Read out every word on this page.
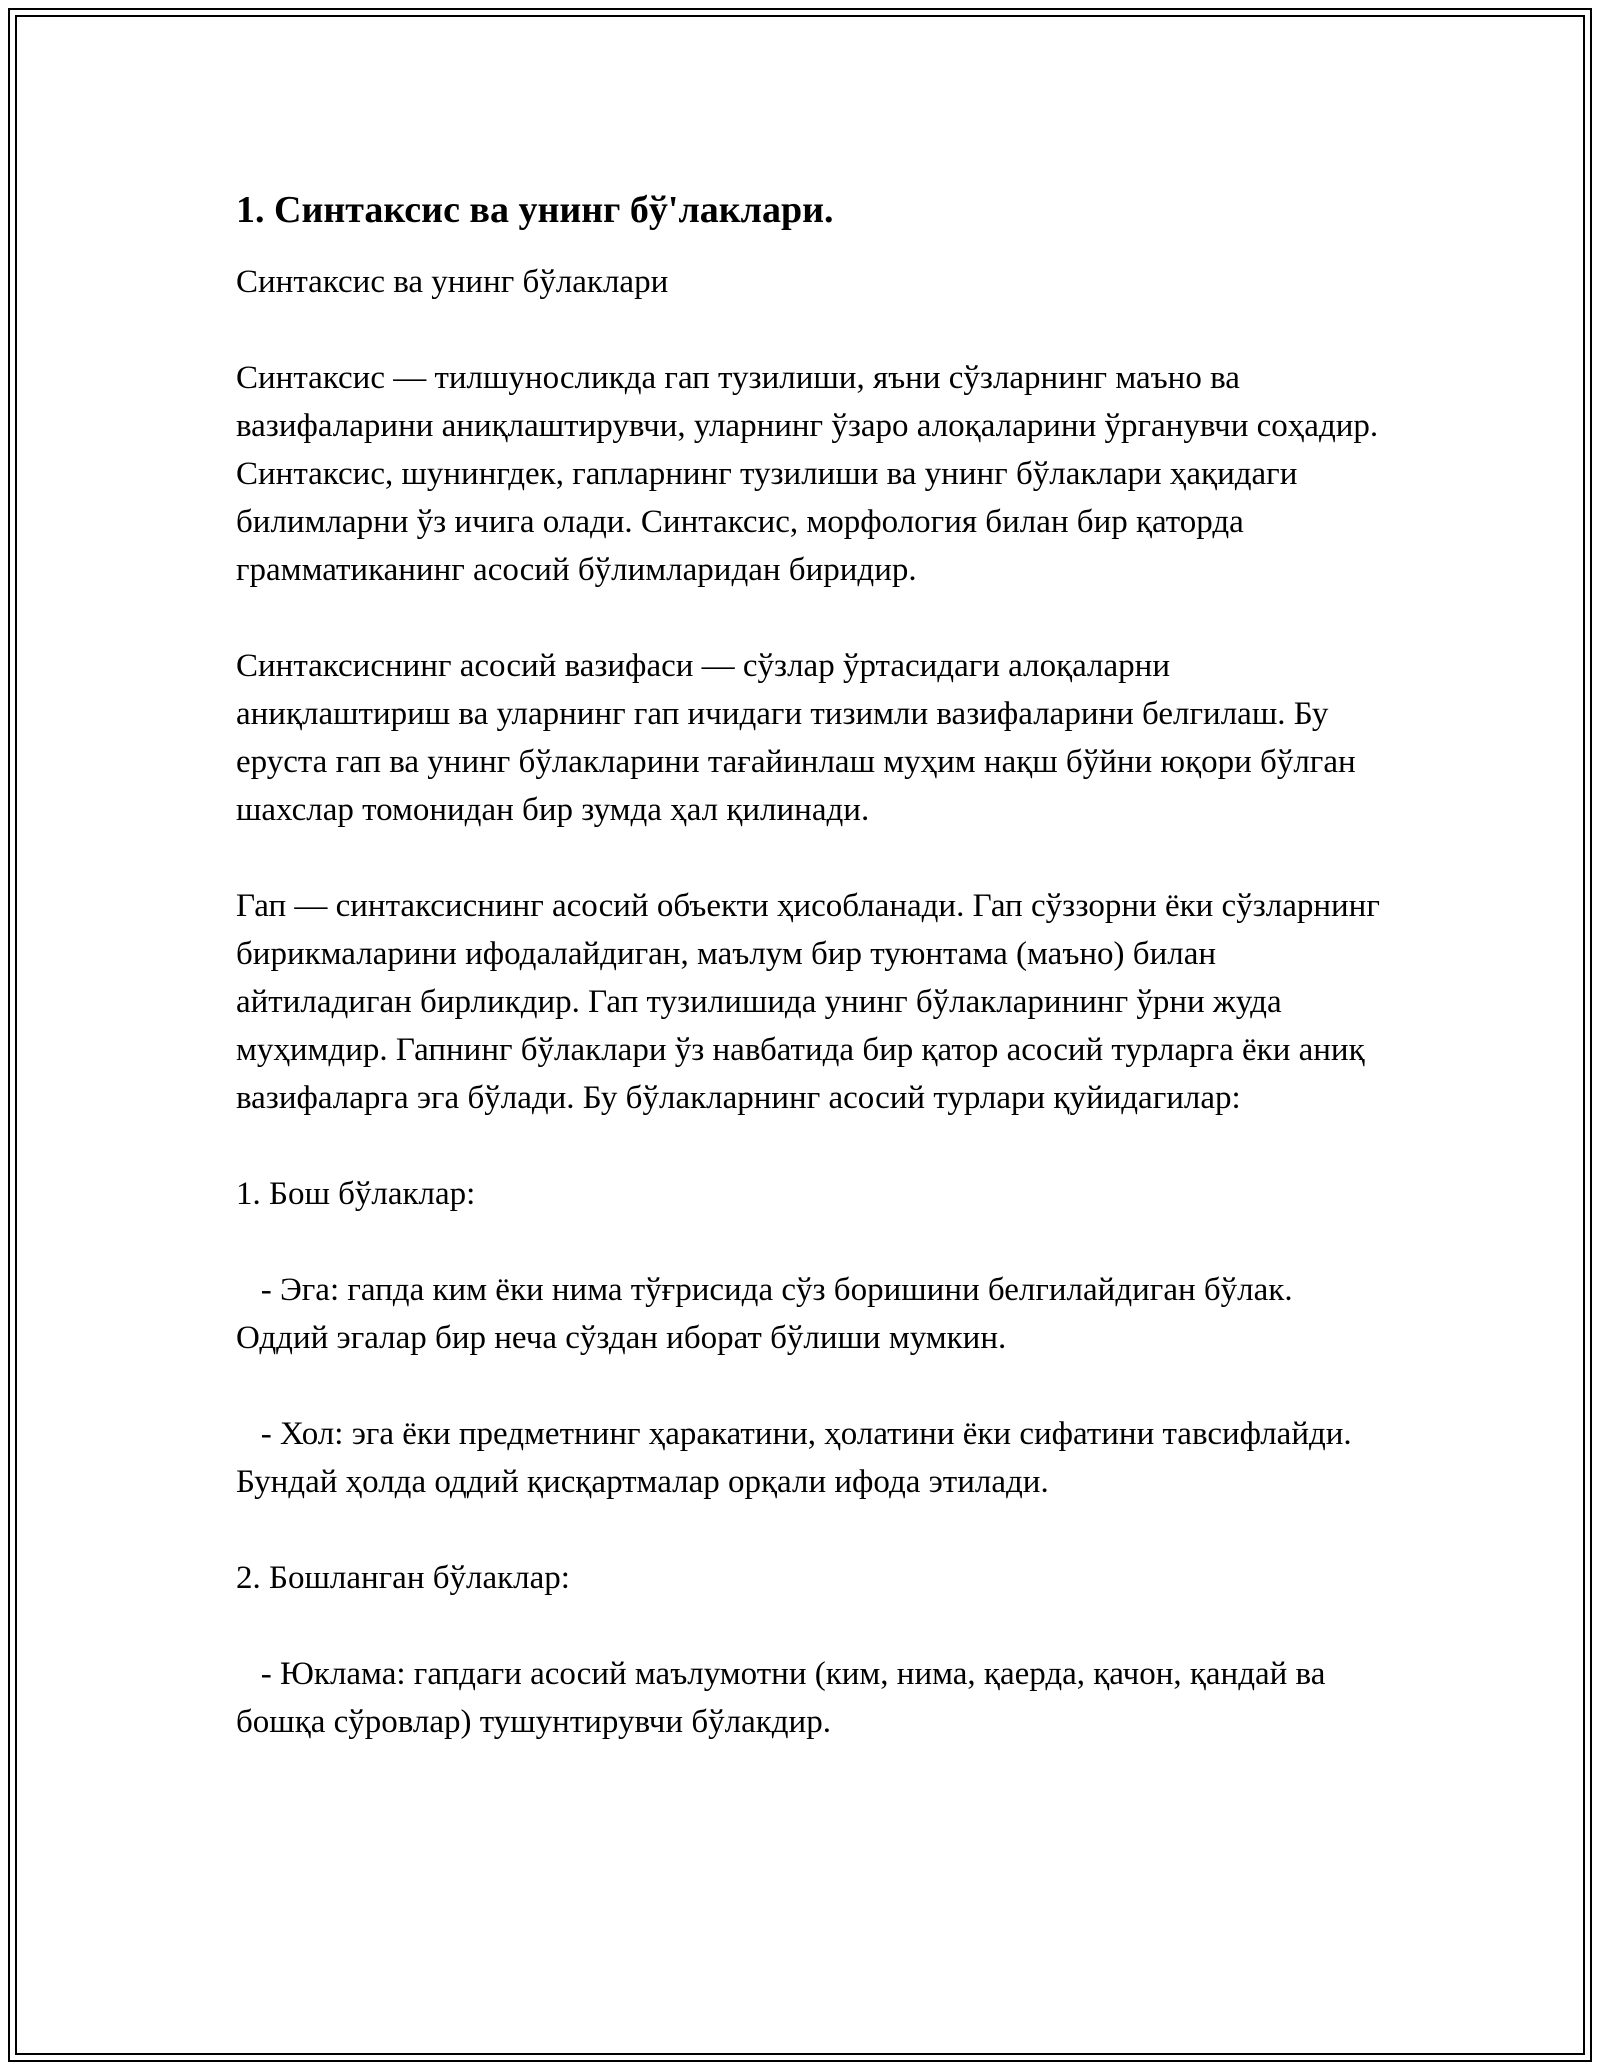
1. Синтаксис ва унинг бў'лаклари.

Синтаксис ва унинг бўлаклари

Синтаксис — тилшуносликда гап тузилиши, яъни сўзларнинг маъно ва вазифаларини аниқлаштирувчи, уларнинг ўзаро алоқаларини ўрганувчи соҳадир. Синтаксис, шунингдек, гапларнинг тузилиши ва унинг бўлаклари ҳақидаги билимларни ўз ичига олади. Синтаксис, морфология билан бир қаторда грамматиканинг асосий бўлимларидан биридир.

Синтаксиснинг асосий вазифаси — сўзлар ўртасидаги алоқаларни аниқлаштириш ва уларнинг гап ичидаги тизимли вазифаларини белгилаш. Бу еруста гап ва унинг бўлакларини тағайинлаш муҳим нақш бўйни юқори бўлган шахслар томонидан бир зумда ҳал қилинади.

Гап — синтаксиснинг асосий объекти ҳисобланади. Гап сўззорни ёки сўзларнинг бирикмаларини ифодалайдиган, маълум бир туюнтама (маъно) билан айтиладиган бирликдир. Гап тузилишида унинг бўлакларининг ўрни жуда муҳимдир. Гапнинг бўлаклари ўз навбатида бир қатор асосий турларга ёки аниқ вазифаларга эга бўлади. Бу бўлакларнинг асосий турлари қуйидагилар:

1. Бош бўлаклар:

- Эга: гапда ким ёки нима тўғрисида сўз боришини белгилайдиган бўлак. Оддий эгалар бир неча сўздан иборат бўлиши мумкин.

- Хол: эга ёки предметнинг ҳаракатини, ҳолатини ёки сифатини тавсифлайди. Бундай ҳолда оддий қисқартмалар орқали ифода этилади.

2. Бошланган бўлаклар:

- Юклама: гапдаги асосий маълумотни (ким, нима, қаерда, қачон, қандай ва бошқа сўровлар) тушунтирувчи бўлакдир.
